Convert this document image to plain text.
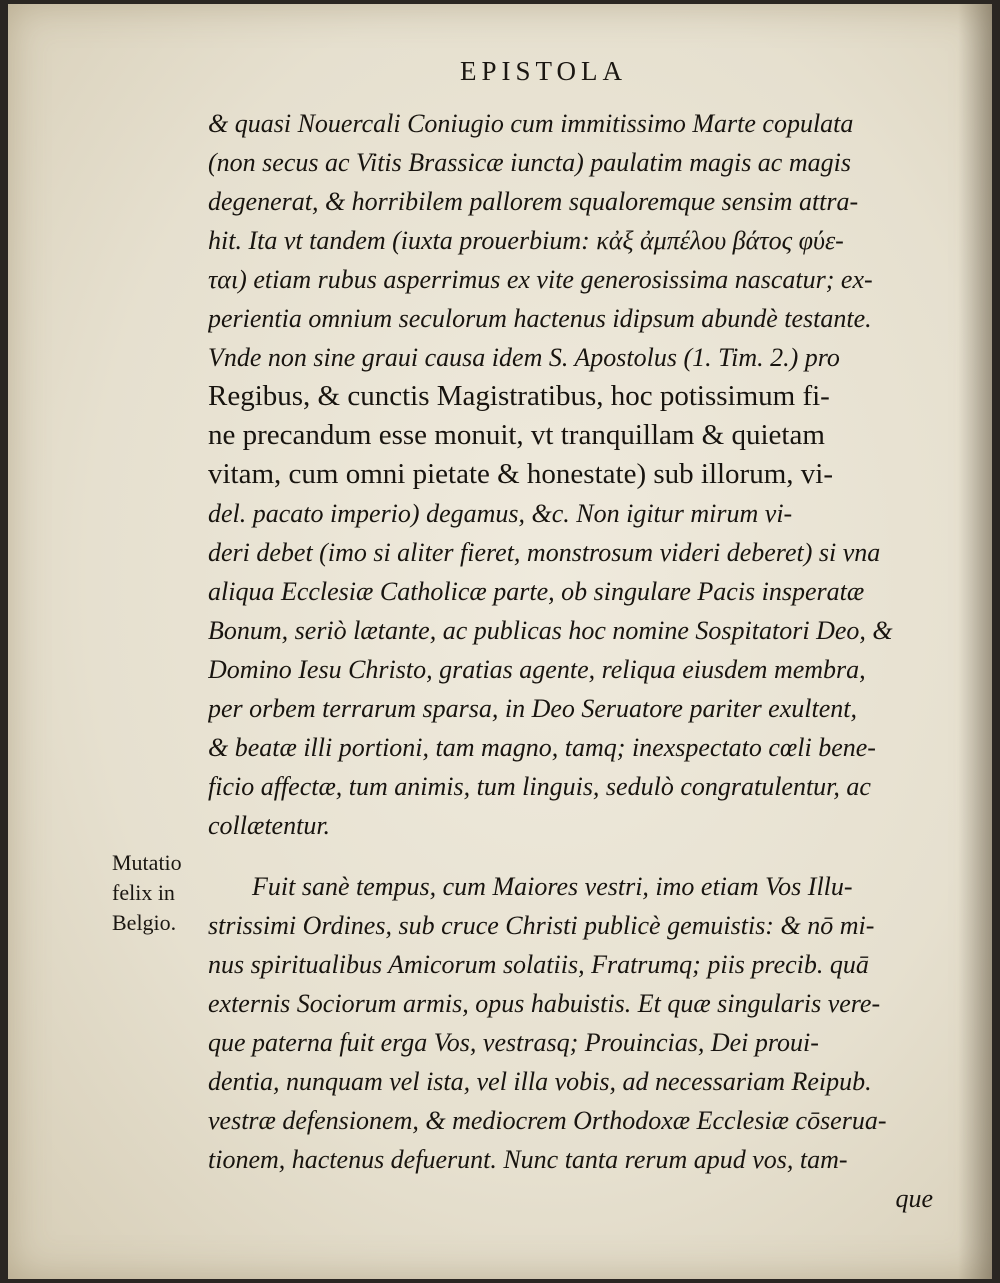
EPISTOLA
Mutatio
felix in
Belgio.
& quasi Nouercali Coniugio cum immitissimo Marte copulata
(non secus ac Vitis Brassicæ iuncta) paulatim magis ac magis
degenerat, & horribilem pallorem squaloremque sensim attra-
hit. Ita vt tandem (iuxta prouerbium: κἀξ ἀμπέλου βάτος φύε-
ται) etiam rubus asperrimus ex vite generosissima nascatur; ex-
perientia omnium seculorum hactenus idipsum abundè testante.
Vnde non sine graui causa idem S. Apostolus (1. Tim. 2.) pro
Regibus, & cunctis Magistratibus, hoc potissimum fi-
ne precandum esse monuit, vt tranquillam & quietam
vitam, cum omni pietate & honestate) sub illorum, vi-
del. pacato imperio) degamus, &c. Non igitur mirum vi-
deri debet (imo si aliter fieret, monstrosum videri deberet) si vna
aliqua Ecclesiæ Catholicæ parte, ob singulare Pacis insperatæ
Bonum, seriò lætante, ac publicas hoc nomine Sospitatori Deo, &
Domino Iesu Christo, gratias agente, reliqua eiusdem membra,
per orbem terrarum sparsa, in Deo Seruatore pariter exultent,
& beatæ illi portioni, tam magno, tamq; inexspectato cœli bene-
ficio affectæ, tum animis, tum linguis, sedulò congratulentur, ac
collætentur.
Fuit sanè tempus, cum Maiores vestri, imo etiam Vos Illu-
strissimi Ordines, sub cruce Christi publicè gemuistis: & nō mi-
nus spiritualibus Amicorum solatiis, Fratrumq; piis precib. quā
externis Sociorum armis, opus habuistis. Et quæ singularis vere-
que paterna fuit erga Vos, vestrasq; Prouincias, Dei proui-
dentia, nunquam vel ista, vel illa vobis, ad necessariam Reipub.
vestræ defensionem, & mediocrem Orthodoxæ Ecclesiæ cōserua-
tionem, hactenus defuerunt. Nunc tanta rerum apud vos, tam-
que
